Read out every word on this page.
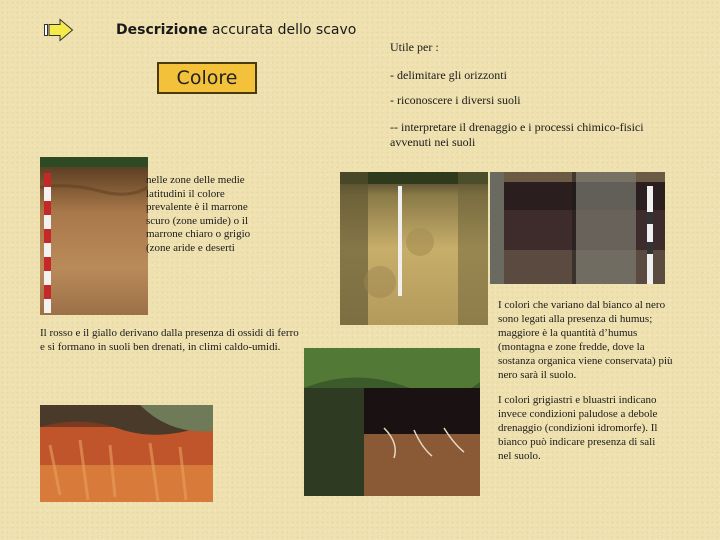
Descrizione accurata dello scavo
Colore
Utile per :
- delimitare gli orizzonti
- riconoscere i diversi suoli
-- interpretare il drenaggio e i processi chimico-fisici avvenuti nei suoli
nelle zone delle medie latitudini il colore prevalente è il marrone scuro (zone umide) o il marrone chiaro o grigio (zone aride e deserti
Il rosso e il giallo derivano dalla presenza di ossidi di ferro e si formano in suoli ben drenati, in climi caldo-umidi.
I colori che variano dal bianco al nero sono legati alla presenza di humus; maggiore è la quantità d’humus (montagna e zone fredde, dove la sostanza organica viene conservata) più nero sarà il suolo.
I colori grigiastri e bluastri indicano invece condizioni paludose a debole drenaggio (condizioni idromorfe). Il bianco può indicare presenza di sali nel suolo.
